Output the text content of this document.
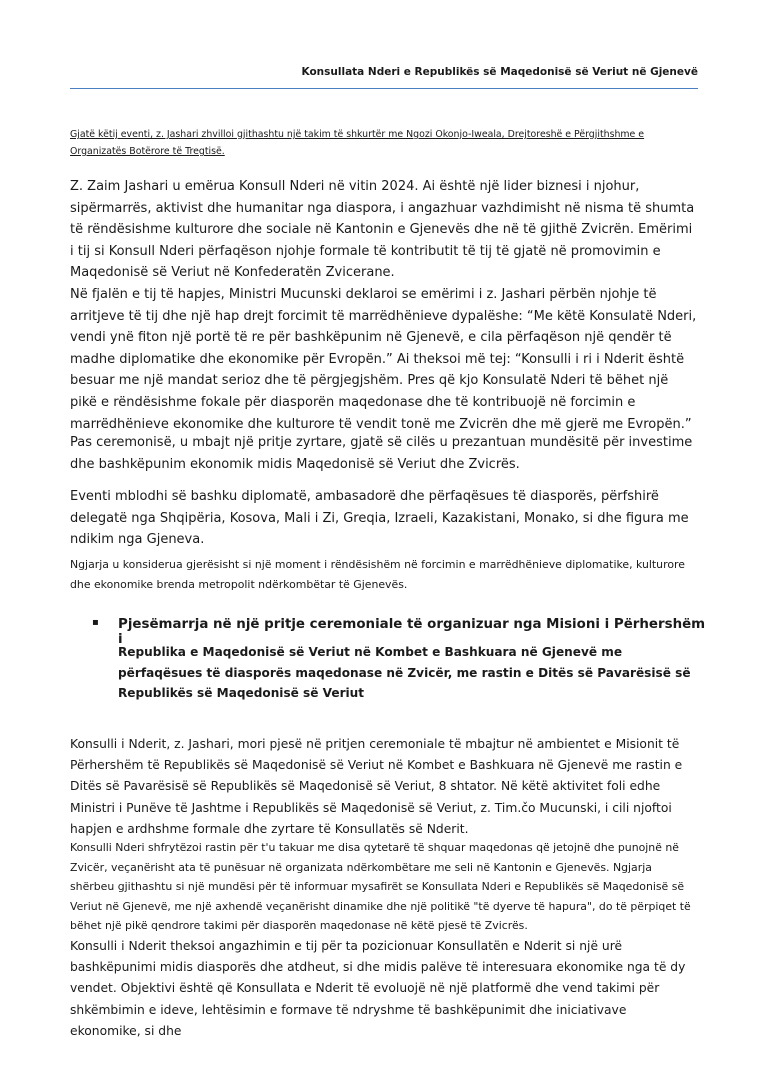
Konsullata Nderi e Republikës së Maqedonisë së Veriut në Gjenevë
Gjatë këtij eventi, z. Jashari zhvilloi gjithashtu një takim të shkurtër me Ngozi Okonjo-Iweala, Drejtoreshë e Përgjithshme e
Organizatës Botërore të Tregtisë.

Z. Zaim Jashari u emërua Konsull Nderi në vitin 2024. Ai është një lider biznesi i njohur, sipërmarrës, aktivist dhe humanitar nga diaspora, i angazhuar vazhdimisht në nisma të shumta të rëndësishme kulturore dhe sociale në Kantonin e Gjenevës dhe në të gjithë Zvicrën. Emërimi i tij si Konsull Nderi përfaqëson njohje formale të kontributit të tij të gjatë në promovimin e Maqedonisë së Veriut në Konfederatën Zvicerane.

Në fjalën e tij të hapjes, Ministri Mucunski deklaroi se emërimi i z. Jashari përbën njohje të arritjeve të tij dhe një hap drejt forcimit të marrëdhënieve dypalëshe: “Me këtë Konsulatë Nderi, vendi ynë fiton një portë të re për bashkëpunim në Gjenevë, e cila përfaqëson një qendër të madhe diplomatike dhe ekonomike për Evropën.” Ai theksoi më tej: “Konsulli i ri i Nderit është besuar me një mandat serioz dhe të përgjegjshëm. Pres që kjo Konsulatë Nderi të bëhet një pikë e rëndësishme fokale për diasporën maqedonase dhe të kontribuojë në forcimin e marrëdhënieve ekonomike dhe kulturore të vendit tonë me Zvicrën dhe më gjerë me Evropën.”

Pas ceremonisë, u mbajt një pritje zyrtare, gjatë së cilës u prezantuan mundësitë për investime dhe bashkëpunim ekonomik midis Maqedonisë së Veriut dhe Zvicrës.

Eventi mblodhi së bashku diplomatë, ambasadorë dhe përfaqësues të diasporës, përfshirë delegatë nga Shqipëria, Kosova, Mali i Zi, Greqia, Izraeli, Kazakistani, Monako, si dhe figura me ndikim nga Gjeneva.

Ngjarja u konsiderua gjerësisht si një moment i rëndësishëm në forcimin e marrëdhënieve diplomatike, kulturore dhe ekonomike brenda metropolit ndërkombëtar të Gjenevës.

▪ Pjesëmarrja në një pritje ceremoniale të organizuar nga Misioni i Përhershëm i
Republika e Maqedonisë së Veriut në Kombet e Bashkuara në Gjenevë me përfaqësues të diasporës maqedonase në Zvicër, me rastin e Ditës së Pavarësisë së Republikës së Maqedonisë së Veriut

Konsulli i Nderit, z. Jashari, mori pjesë në pritjen ceremoniale të mbajtur në ambientet e Misionit të Përhershëm të Republikës së Maqedonisë së Veriut në Kombet e Bashkuara në Gjenevë me rastin e Ditës së Pavarësisë së Republikës së Maqedonisë së Veriut, 8 shtator. Në këtë aktivitet foli edhe Ministri i Punëve të Jashtme i Republikës së Maqedonisë së Veriut, z. Tim.čo Mucunski, i cili njoftoi hapjen e ardhshme formale dhe zyrtare të Konsullatës së Nderit.

Konsulli Nderi shfrytëzoi rastin për t'u takuar me disa qytetarë të shquar maqedonas që jetojnë dhe punojnë në Zvicër, veçanërisht ata të punësuar në organizata ndërkombëtare me seli në Kantonin e Gjenevës. Ngjarja shërbeu gjithashtu si një mundësi për të informuar mysafirët se Konsullata Nderi e Republikës së Maqedonisë së Veriut në Gjenevë, me një axhendë veçanërisht dinamike dhe një politikë "të dyerve të hapura", do të përpiqet të bëhet një pikë qendrore takimi për diasporën maqedonase në këtë pjesë të Zvicrës.

Konsulli i Nderit theksoi angazhimin e tij për ta pozicionuar Konsullatën e Nderit si një urë bashkëpunimi midis diasporës dhe atdheut, si dhe midis palëve të interesuara ekonomike nga të dy vendet. Objektivi është që Konsullata e Nderit të evoluojë në një platformë dhe vend takimi për shkëmbimin e ideve, lehtësimin e formave të ndryshme të bashkëpunimit dhe iniciativave ekonomike, si dhe
